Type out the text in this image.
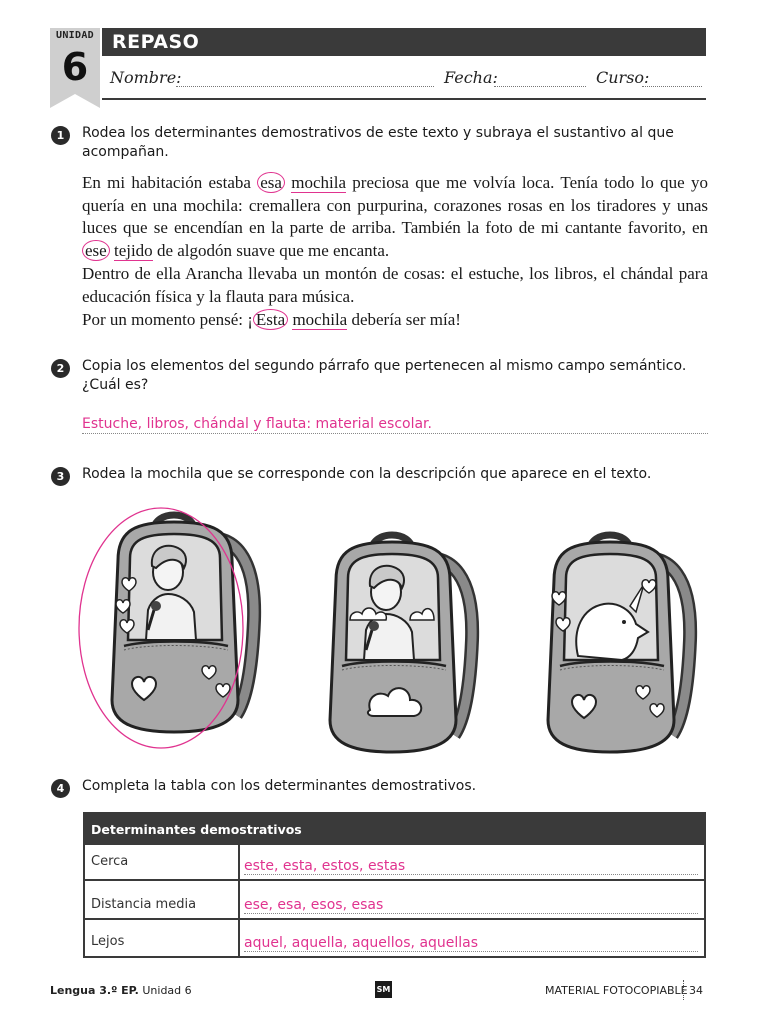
UNIDAD
6
REPASO
Nombre:	Fecha:	Curso:
1	Rodea los determinantes demostrativos de este texto y subraya el sustantivo al que acompañan.

En mi habitación estaba esa mochila preciosa que me volvía loca. Tenía todo lo que yo quería en una mochila: cremallera con purpurina, corazones rosas en los tiradores y unas luces que se encendían en la parte de arriba. También la foto de mi cantante favorito, en ese tejido de algodón suave que me encanta.

Dentro de ella Arancha llevaba un montón de cosas: el estuche, los libros, el chándal para educación física y la flauta para música.

Por un momento pensé: ¡ Esta mochila debería ser mía!

2	Copia los elementos del segundo párrafo que pertenecen al mismo campo semántico. ¿Cuál es?
Estuche, libros, chándal y flauta: material escolar.
3	Rodea la mochila que se corresponde con la descripción que aparece en el texto.
4	Completa la tabla con los determinantes demostrativos.
Determinantes demostrativos
Cerca	este, esta, estos, estas
Distancia media	ese, esa, esos, esas
Lejos	aquel, aquella, aquellos, aquellas
Lengua 3.º EP. Unidad 6	SM	MATERIAL FOTOCOPIABLE 34
